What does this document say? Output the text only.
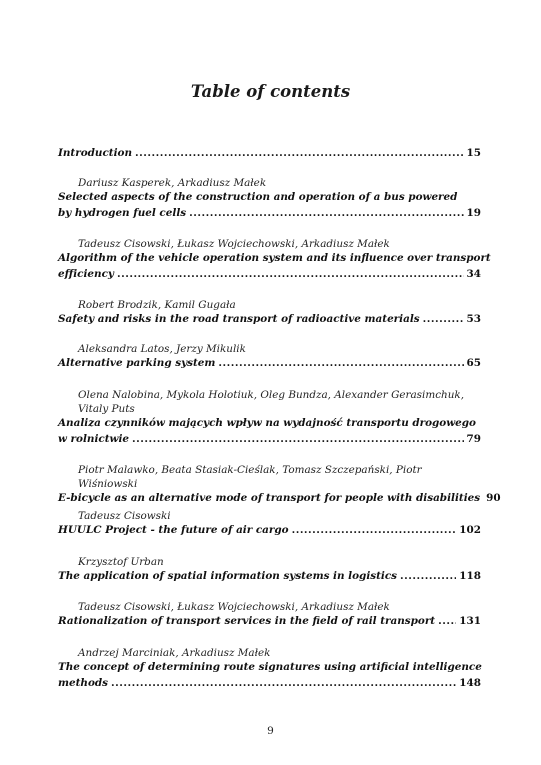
Table of contents
Introduction .....	15
Dariusz Kasperek, Arkadiusz Małek
Selected aspects of the construction and operation of a bus powered
by hydrogen fuel cells .....	19
Tadeusz Cisowski, Łukasz Wojciechowski, Arkadiusz Małek
Algorithm of the vehicle operation system and its influence over transport
efficiency .....	34
Robert Brodzik, Kamil Gugała
Safety and risks in the road transport of radioactive materials .....	53
Aleksandra Latos, Jerzy Mikulik
Alternative parking system .....	65
Olena Nalobina, Mykola Holotiuk, Oleg Bundza, Alexander Gerasimchuk,
Vitaly Puts
Analiza czynników mających wpływ na wydajność transportu drogowego
w rolnictwie .....	79
Piotr Malawko, Beata Stasiak-Cieślak, Tomasz Szczepański, Piotr Wiśniowski
E-bicycle as an alternative mode of transport for people with disabilities 90
Tadeusz Cisowski
HUULC Project - the future of air cargo .....	102
Krzysztof Urban
The application of spatial information systems in logistics .....	118
Tadeusz Cisowski, Łukasz Wojciechowski, Arkadiusz Małek
Rationalization of transport services in the field of rail transport ..... 131
Andrzej Marciniak, Arkadiusz Małek
The concept of determining route signatures using artificial intelligence
methods .....	148
9
